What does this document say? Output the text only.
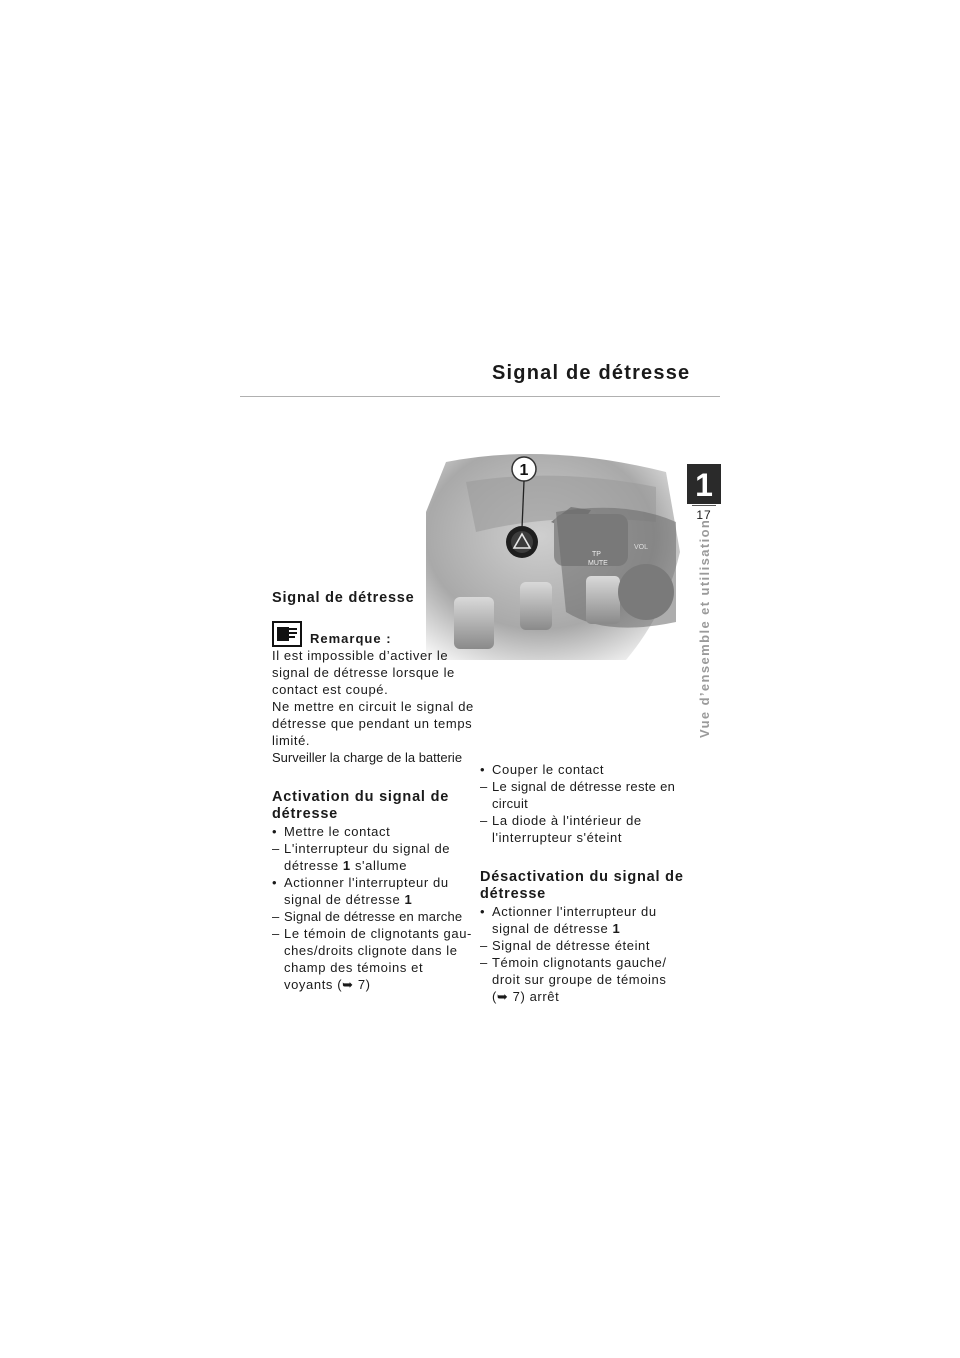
Signal de détresse
1
17
Vue d’ensemble et utilisation
TP
MUTE
VOL
1
Signal de détresse
Remarque :
Il est impossible d’activer le
signal de détresse lorsque le
contact est coupé.
Ne mettre en circuit le signal de
détresse que pendant un temps
limité.
Surveiller la charge de la batterie
Activation du signal de détresse
• Mettre le contact
– L'interrupteur du signal de
détresse 1 s'allume
• Actionner l'interrupteur du
signal de détresse 1
– Signal de détresse en marche
– Le témoin de clignotants gau-
ches/droits clignote dans le
champ des témoins et
voyants (➥ 7)
• Couper le contact
– Le signal de détresse reste en
circuit
– La diode à l'intérieur de
l'interrupteur s'éteint
Désactivation du signal de détresse
• Actionner l'interrupteur du
signal de détresse 1
– Signal de détresse éteint
– Témoin clignotants gauche/
droit sur groupe de témoins
(➥ 7) arrêt
